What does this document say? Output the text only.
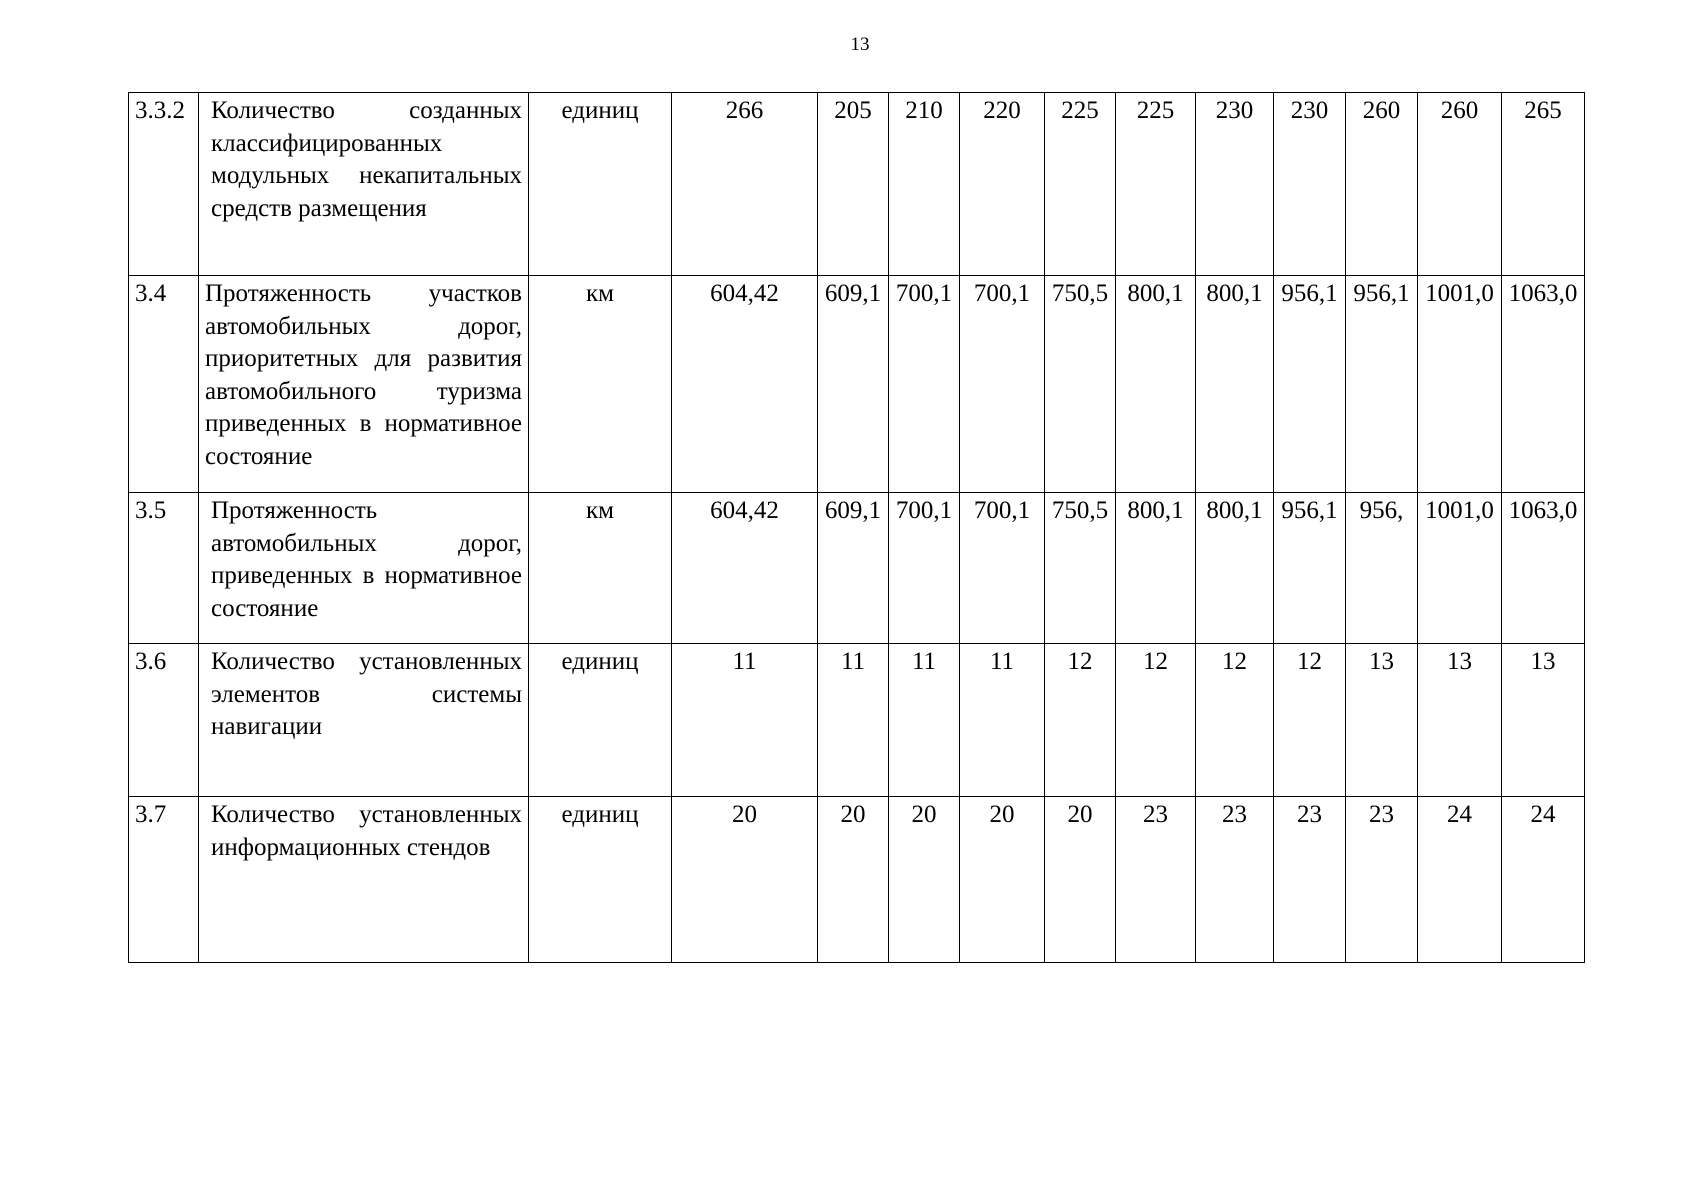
13
3.3.2	Количество созданных классифицированных модульных некапитальных средств размещения	единиц	266	205	210	220	225	225	230	230	260	260	265
3.4	Протяженность участков автомобильных дорог, приоритетных для развития автомобильного туризма приведенных в нормативное состояние	км	604,42	609,1	700,1	700,1	750,5	800,1	800,1	956,1	956,1	1001,0	1063,0
3.5	Протяженность автомобильных дорог, приведенных в нормативное состояние	км	604,42	609,1	700,1	700,1	750,5	800,1	800,1	956,1	956,	1001,0	1063,0
3.6	Количество установленных элементов системы навигации	единиц	11	11	11	11	12	12	12	12	13	13	13
3.7	Количество установленных информационных стендов	единиц	20	20	20	20	20	23	23	23	23	24	24
